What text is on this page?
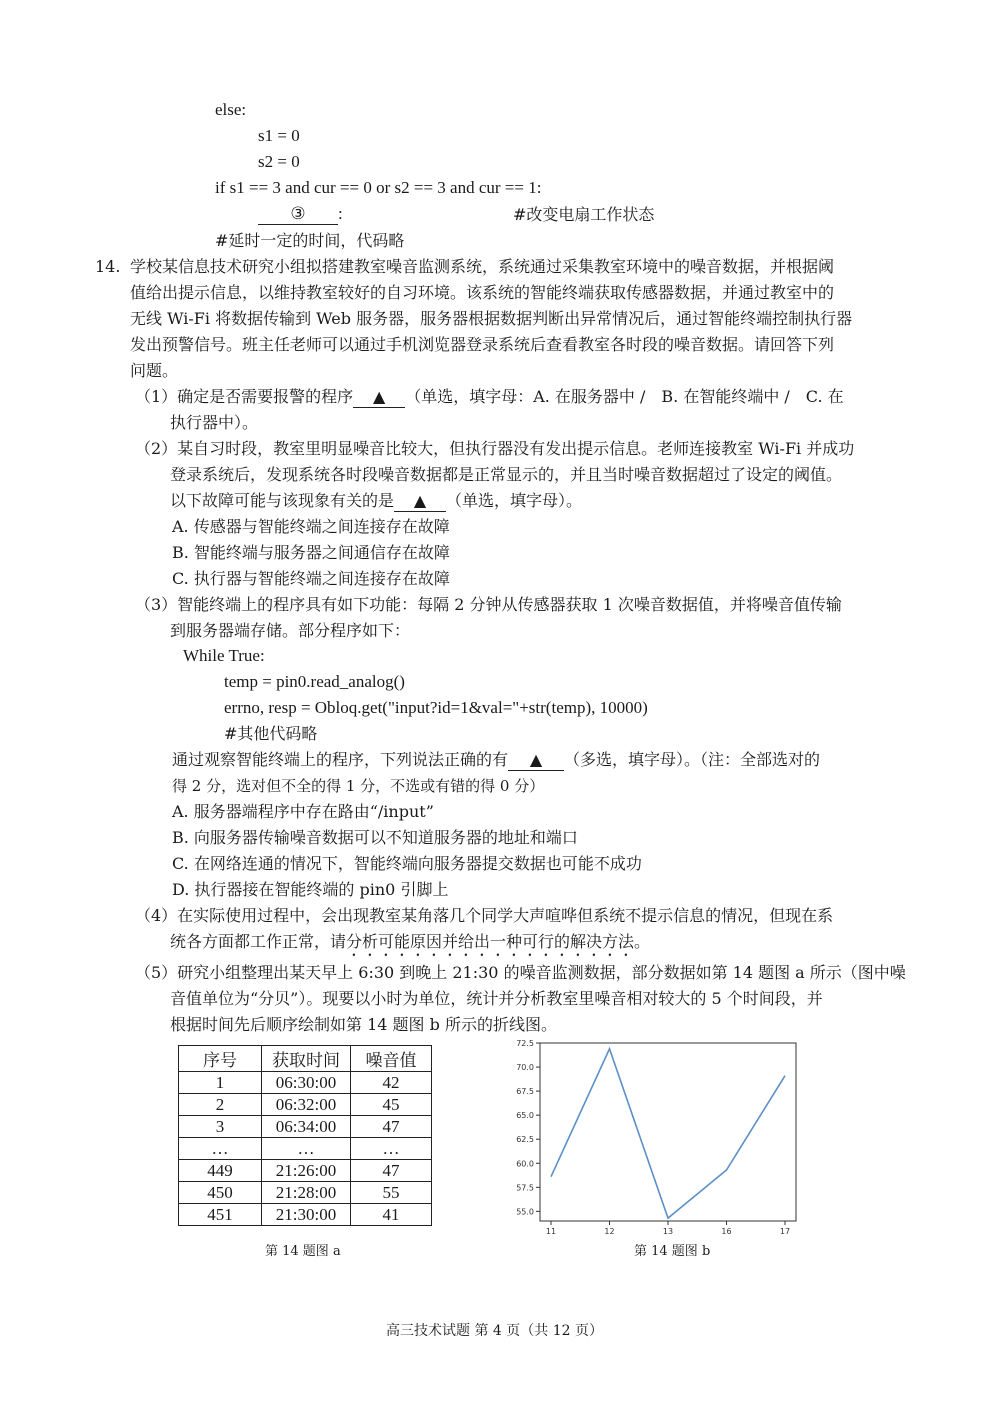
else:
s1 = 0
s2 = 0
if s1 == 3 and cur == 0 or s2 == 3 and cur == 1:
③ :	#改变电扇工作状态
#延时一定的时间，代码略
14. 学校某信息技术研究小组拟搭建教室噪音监测系统，系统通过采集教室环境中的噪音数据，并根据阈
值给出提示信息，以维持教室较好的自习环境。该系统的智能终端获取传感器数据，并通过教室中的
无线 Wi-Fi 将数据传输到 Web 服务器，服务器根据数据判断出异常情况后，通过智能终端控制执行器
发出预警信号。班主任老师可以通过手机浏览器登录系统后查看教室各时段的噪音数据。请回答下列
问题。
（1）确定是否需要报警的程序 ▲ （单选，填字母：A. 在服务器中 /　B. 在智能终端中 /　C. 在
执行器中）。
（2）某自习时段，教室里明显噪音比较大，但执行器没有发出提示信息。老师连接教室 Wi-Fi 并成功
登录系统后，发现系统各时段噪音数据都是正常显示的，并且当时噪音数据超过了设定的阈值。
以下故障可能与该现象有关的是 ▲ （单选，填字母）。
A. 传感器与智能终端之间连接存在故障
B. 智能终端与服务器之间通信存在故障
C. 执行器与智能终端之间连接存在故障
（3）智能终端上的程序具有如下功能：每隔 2 分钟从传感器获取 1 次噪音数据值，并将噪音值传输
到服务器端存储。部分程序如下：
While True:
temp = pin0.read_analog()
errno, resp = Obloq.get("input?id=1&val="+str(temp), 10000)
#其他代码略
通过观察智能终端上的程序，下列说法正确的有 ▲ （多选，填字母）。（注：全部选对的
得 2 分，选对但不全的得 1 分，不选或有错的得 0 分）
A. 服务器端程序中存在路由“/input”
B. 向服务器传输噪音数据可以不知道服务器的地址和端口
C. 在网络连通的情况下，智能终端向服务器提交数据也可能不成功
D. 执行器接在智能终端的 pin0 引脚上
（4）在实际使用过程中，会出现教室某角落几个同学大声喧哗但系统不提示信息的情况，但现在系
统各方面都工作正常，请分析可能原因并给出一种可行的解决方法。
（5）研究小组整理出某天早上 6:30 到晚上 21:30 的噪音监测数据，部分数据如第 14 题图 a 所示（图中噪
音值单位为“分贝”）。现要以小时为单位，统计并分析教室里噪音相对较大的 5 个时间段，并
根据时间先后顺序绘制如第 14 题图 b 所示的折线图。
序号	获取时间	噪音值
1	06:30:00	42
2	06:32:00	45
3	06:34:00	47
…	…	…
449	21:26:00	47
450	21:28:00	55
451	21:30:00	41
第 14 题图 a
55.0
57.5
60.0
62.5
65.0
67.5
70.0
72.5
11	12	13	16	17
第 14 题图 b
高三技术试题 第 4 页（共 12 页）
